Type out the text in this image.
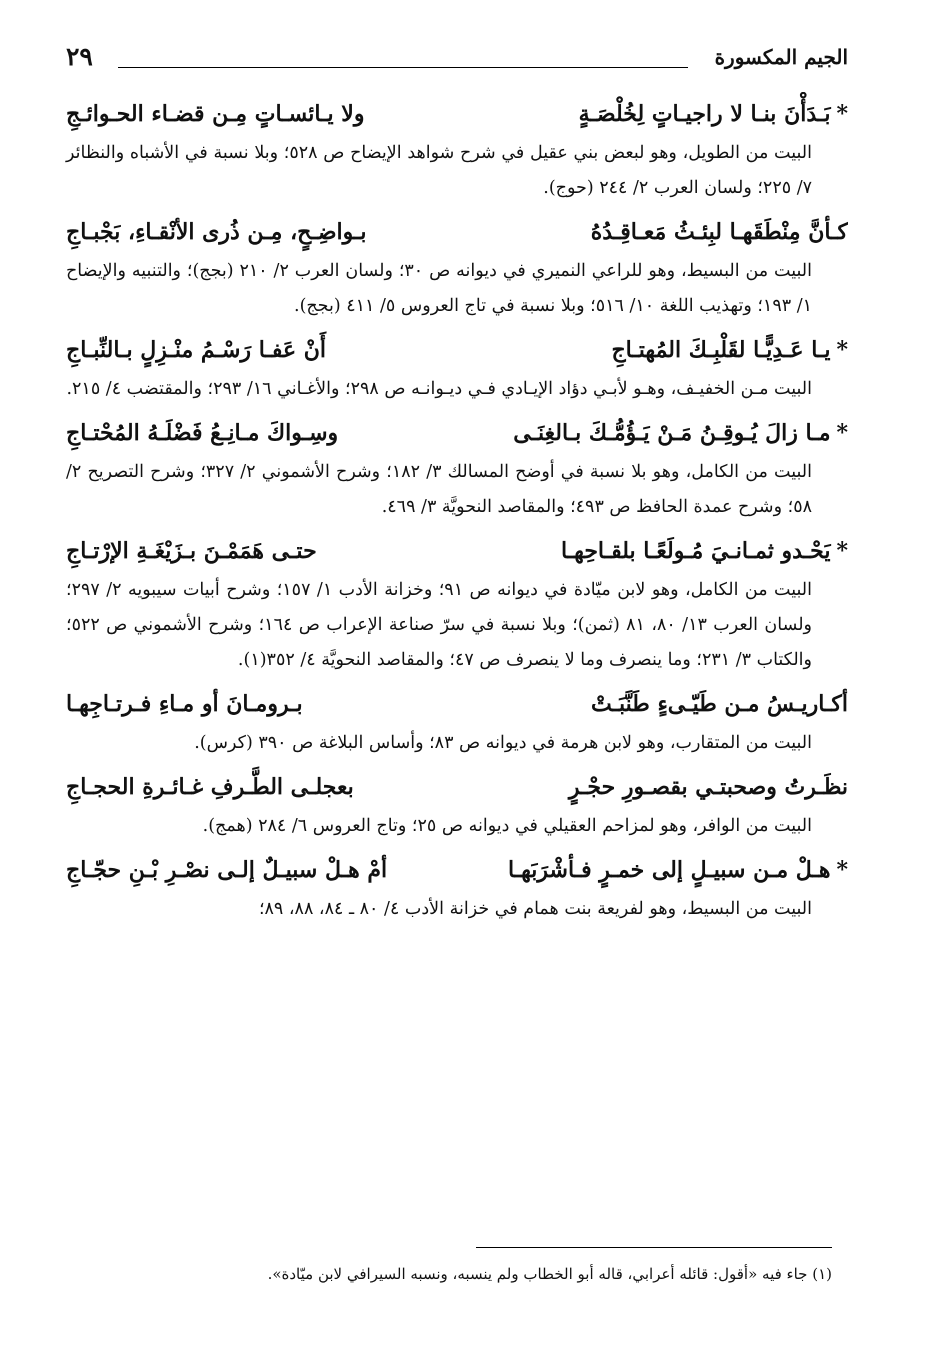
٢٩	الجيم المكسورة
*بَـدَأْنَ بنـا لا راجيـاتٍ لِخُلْصَـةٍ
ولا يـائسـاتٍ مِـن قضـاء الحـوائـجِ

البيت من الطويل، وهو لبعض بني عقيل في شرح شواهد الإيضاح ص ٥٢٨؛ وبلا نسبة في الأشباه والنظائر ٧/ ٢٢٥؛ ولسان العرب ٢/ ٢٤٤ (حوج).

كـأنَّ مِنْطَقَهـا لبِئـثُ مَعـاقِـدُهُ
بـواضِـحٍ، مِـن ذُرى الأنْقـاءِ، بَجْبـاجِ

البيت من البسيط، وهو للراعي النميري في ديوانه ص ٣٠؛ ولسان العرب ٢/ ٢١٠ (بجج)؛ والتنبيه والإيضاح ١/ ١٩٣؛ وتهذيب اللغة ١٠/ ٥١٦؛ وبلا نسبة في تاج العروس ٥/ ٤١١ (بجج).

*يـا عَـدِيًّـا لقَلْبِـكَ المُهتـاجِ
أَنْ عَفـا رَسْـمُ منْـزِلٍ بـالنِّبـاجِ

البيت مـن الخفيـف، وهـو لأبـي دؤاد الإيـادي فـي ديـوانـه ص ٢٩٨؛ والأغـاني ١٦/ ٢٩٣؛ والمقتضب ٤/ ٢١٥.

*مـا زالَ يُـوقِـنُ مَـنْ يَـؤُمُّـكَ بـالغِنَـى
وسِـواكَ مـانِـعُ فَضْلَـهُ المُحْتـاجِ

البيت من الكامل، وهو بلا نسبة في أوضح المسالك ٣/ ١٨٢؛ وشرح الأشموني ٢/ ٣٢٧؛ وشرح التصريح ٢/ ٥٨؛ وشرح عمدة الحافظ ص ٤٩٣؛ والمقاصد النحويَّة ٣/ ٤٦٩.

*يَحْـدو ثمـانـيَ مُـولَعًـا بلقـاحِهـا
حتـى هَمَمْـنَ بـزَيْغَـةِ الإرْتـاجِ

البيت من الكامل، وهو لابن ميّادة في ديوانه ص ٩١؛ وخزانة الأدب ١/ ١٥٧؛ وشرح أبيات سيبويه ٢/ ٢٩٧؛ ولسان العرب ١٣/ ٨٠، ٨١ (ثمن)؛ وبلا نسبة في سرّ صناعة الإعراب ص ١٦٤؛ وشرح الأشموني ص ٥٢٢؛ والكتاب ٣/ ٢٣١؛ وما ينصرف وما لا ينصرف ص ٤٧؛ والمقاصد النحويَّة ٤/ ٣٥٢(١).

أكـاريـسُ مـن طَيّـىءٍ طَنَّبَـتْ
بـرومـانَ أو مـاءِ فـرتـاجِهـا

البيت من المتقارب، وهو لابن هرمة في ديوانه ص ٨٣؛ وأساس البلاغة ص ٣٩٠ (كرس).

نظَـرتُ وصحبتـي بقصـورِ حجْـرٍ
بعجلـى الطَّـرفِ غـائـرةِ الحجـاجِ

البيت من الوافر، وهو لمزاحم العقيلي في ديوانه ص ٢٥؛ وتاج العروس ٦/ ٢٨٤ (همج).

*هـلْ مـن سبيـلٍ إلى خمـرٍ فـأشْرَبَهـا
أمْ هـلْ سبيـلٌ إلـى نصْـرِ بْـنِ حجّـاجِ

البيت من البسيط، وهو لفريعة بنت همام في خزانة الأدب ٤/ ٨٠ ـ ٨٤، ٨٨، ٨٩؛

(١) جاء فيه «أقول: قائله أعرابي، قاله أبو الخطاب ولم ينسبه، ونسبه السيرافي لابن ميّادة».
